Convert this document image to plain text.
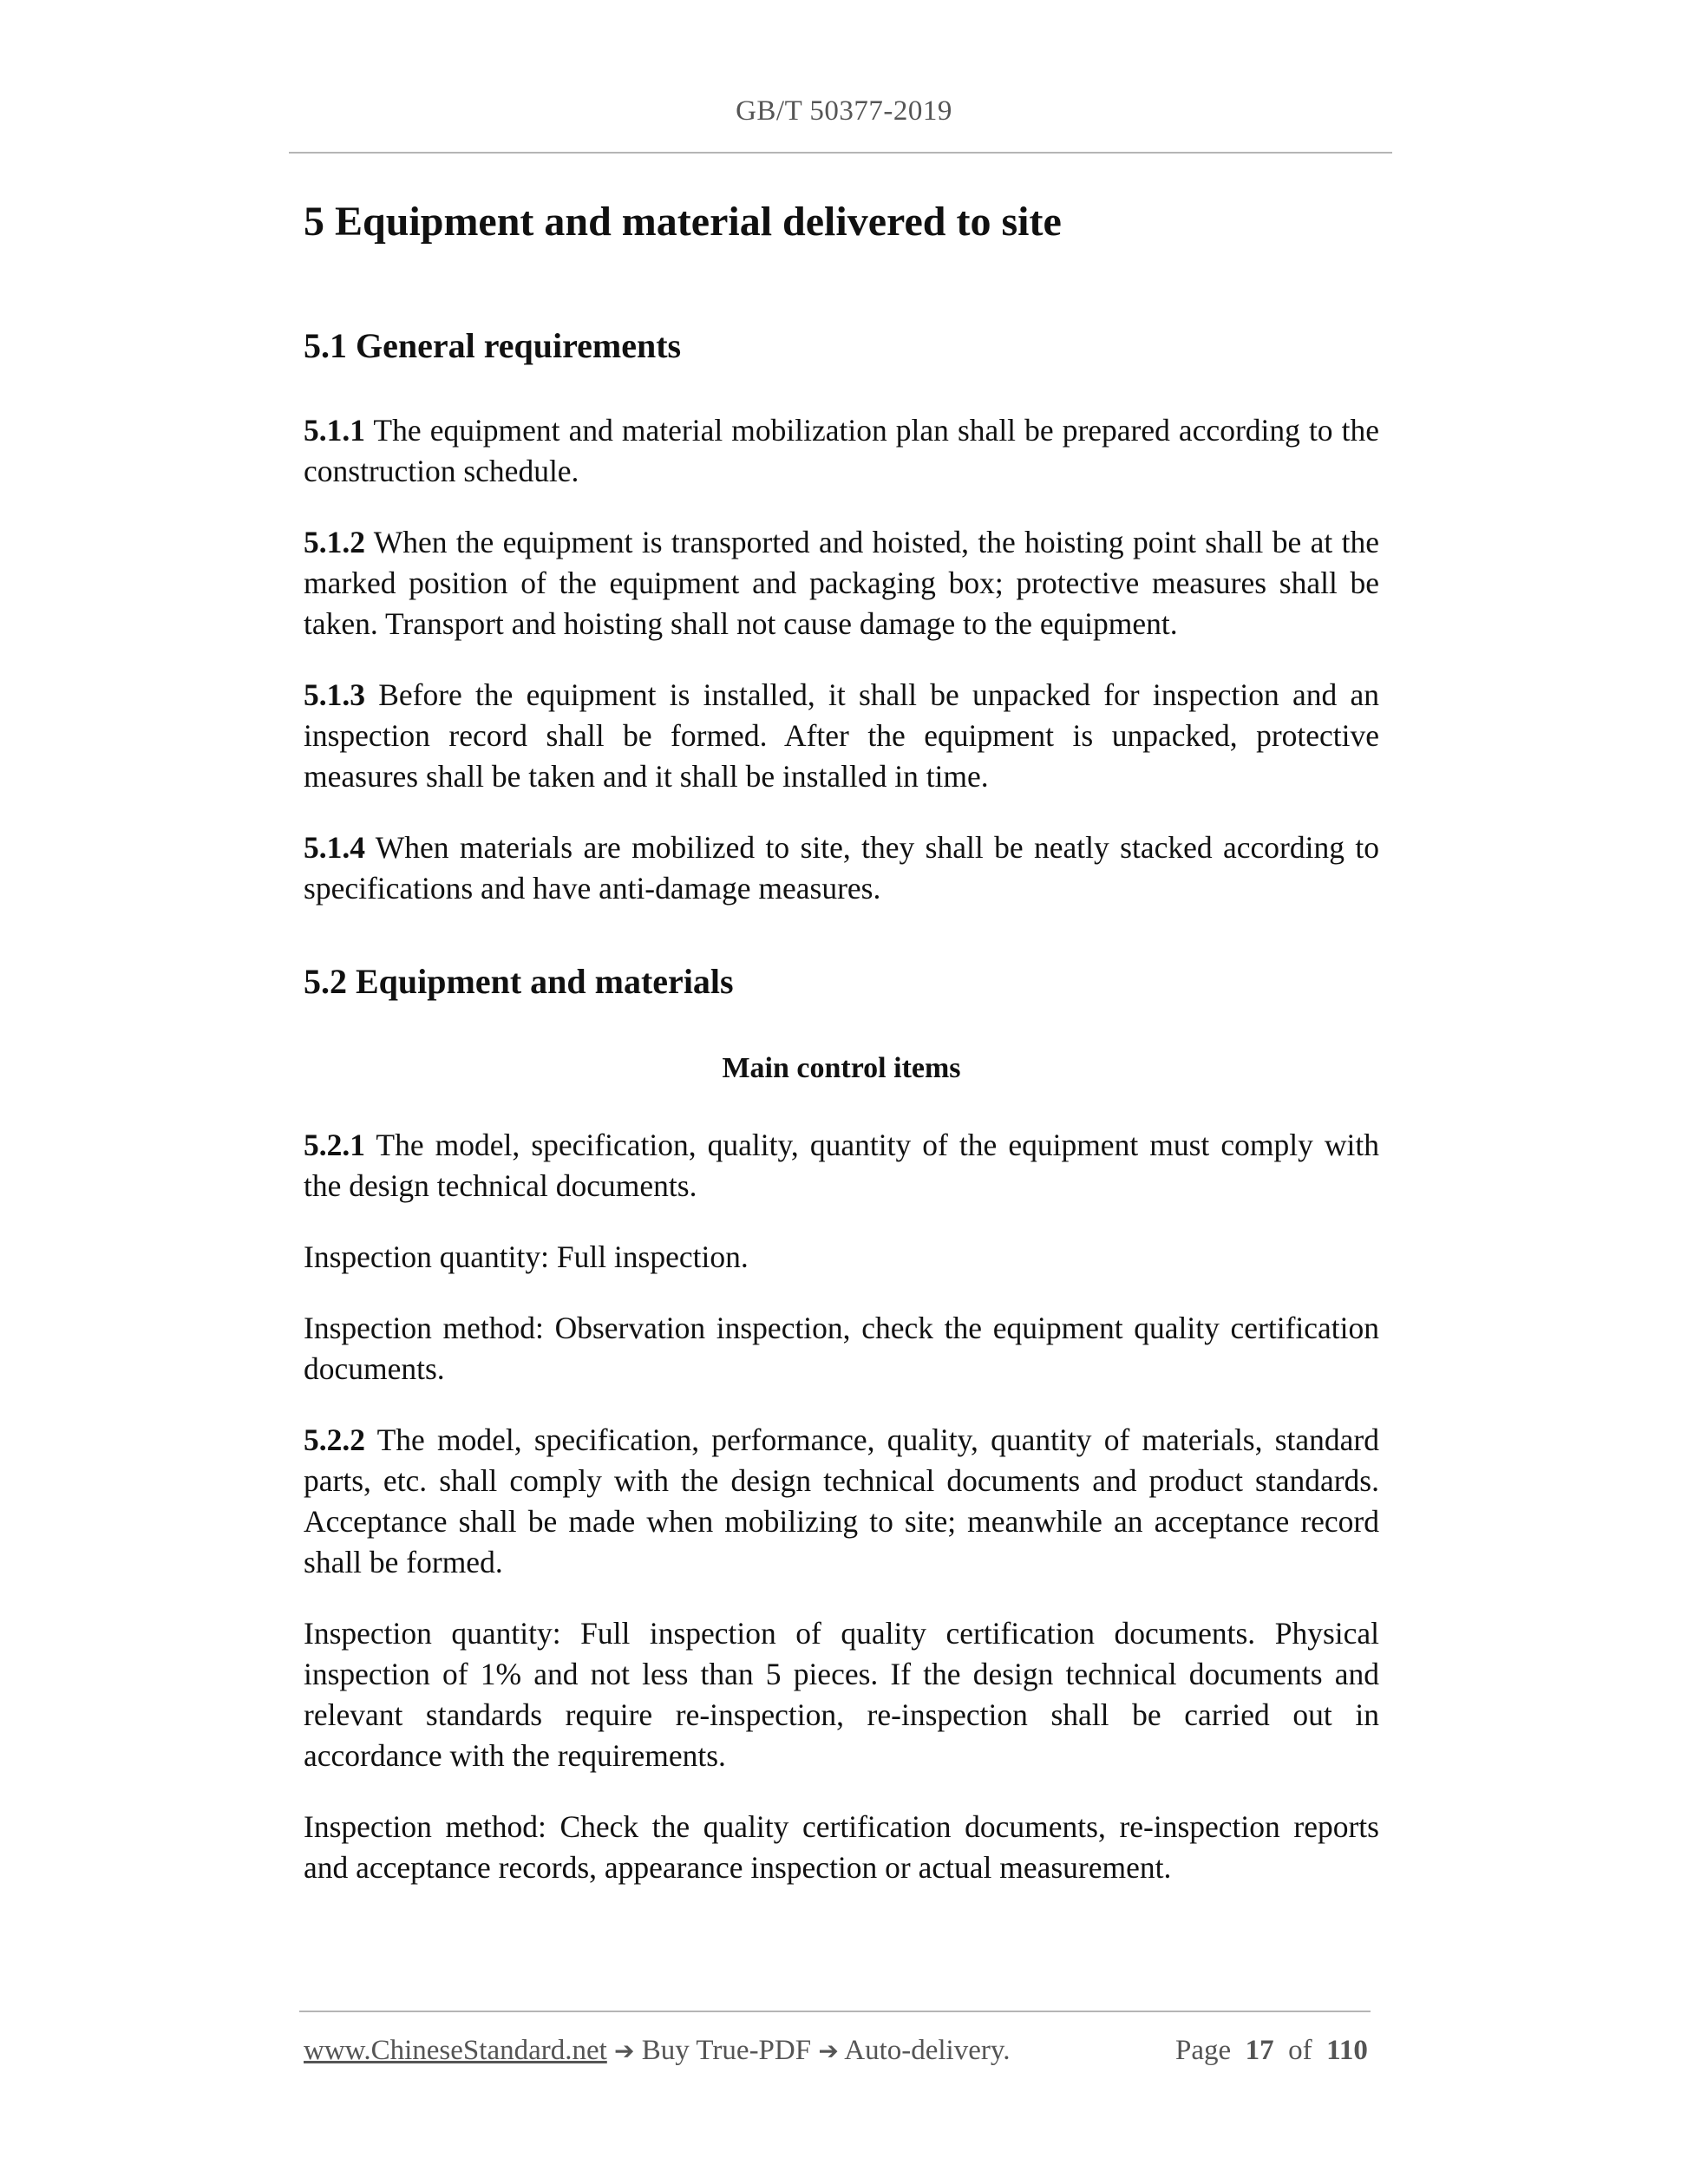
GB/T 50377-2019
5 Equipment and material delivered to site
5.1 General requirements

5.1.1 The equipment and material mobilization plan shall be prepared according to the construction schedule.

5.1.2 When the equipment is transported and hoisted, the hoisting point shall be at the marked position of the equipment and packaging box; protective measures shall be taken. Transport and hoisting shall not cause damage to the equipment.

5.1.3 Before the equipment is installed, it shall be unpacked for inspection and an inspection record shall be formed. After the equipment is unpacked, protective measures shall be taken and it shall be installed in time.

5.1.4 When materials are mobilized to site, they shall be neatly stacked according to specifications and have anti-damage measures.

5.2 Equipment and materials
Main control items

5.2.1 The model, specification, quality, quantity of the equipment must comply with the design technical documents.

Inspection quantity: Full inspection.

Inspection method: Observation inspection, check the equipment quality certification documents.

5.2.2 The model, specification, performance, quality, quantity of materials, standard parts, etc. shall comply with the design technical documents and product standards. Acceptance shall be made when mobilizing to site; meanwhile an acceptance record shall be formed.

Inspection quantity: Full inspection of quality certification documents. Physical inspection of 1% and not less than 5 pieces. If the design technical documents and relevant standards require re-inspection, re-inspection shall be carried out in accordance with the requirements.

Inspection method: Check the quality certification documents, re-inspection reports and acceptance records, appearance inspection or actual measurement.

www.ChineseStandard.net ➔ Buy True-PDF ➔ Auto-delivery.	Page 17 of 110
